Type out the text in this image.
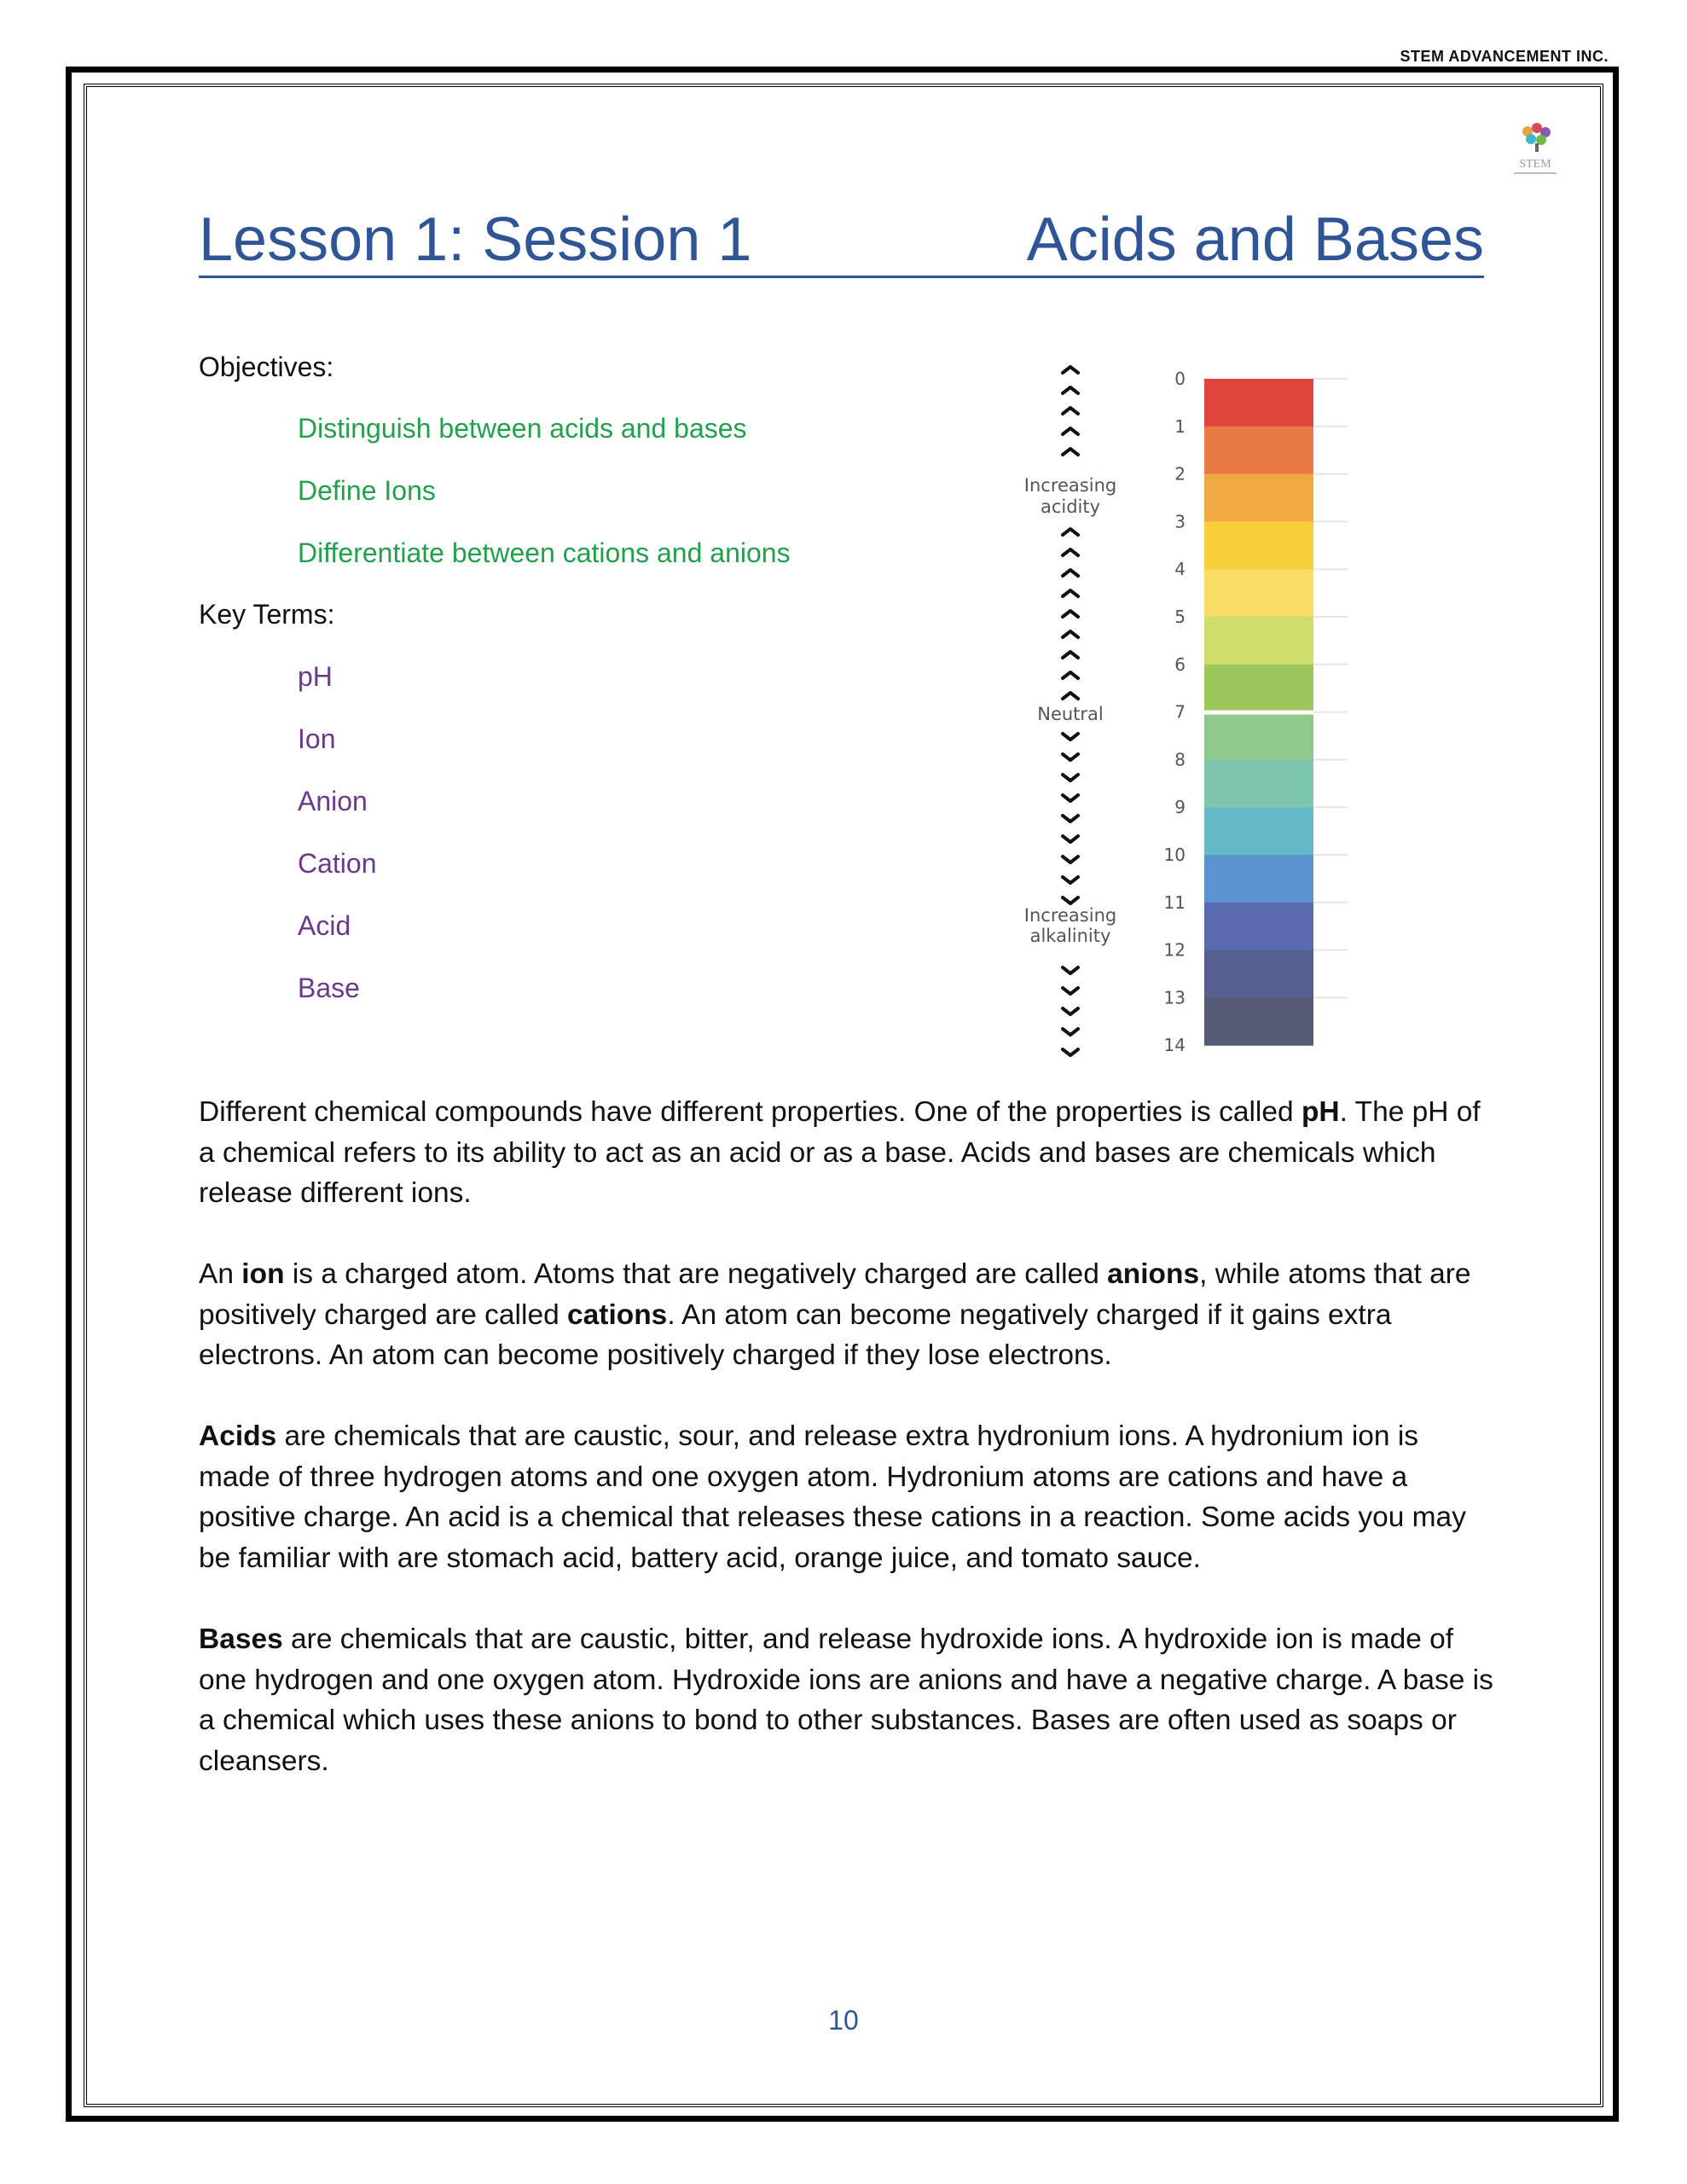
STEM ADVANCEMENT INC.
STEM
Lesson 1: Session 1	Acids and Bases
Objectives:
Distinguish between acids and bases
Define Ions
Differentiate between cations and anions
Key Terms:
pH
Ion
Anion
Cation
Acid
Base
Increasing
acidity
Neutral
Increasing
alkalinity
0
1
2
3
4
5
6
7
8
9
10
11
12
13
14

Different chemical compounds have different properties. One of the properties is called pH. The pH of a chemical refers to its ability to act as an acid or as a base. Acids and bases are chemicals which release different ions.

An ion is a charged atom. Atoms that are negatively charged are called anions, while atoms that are positively charged are called cations. An atom can become negatively charged if it gains extra electrons. An atom can become positively charged if they lose electrons.

Acids are chemicals that are caustic, sour, and release extra hydronium ions. A hydronium ion is made of three hydrogen atoms and one oxygen atom. Hydronium atoms are cations and have a positive charge. An acid is a chemical that releases these cations in a reaction. Some acids you may be familiar with are stomach acid, battery acid, orange juice, and tomato sauce.

Bases are chemicals that are caustic, bitter, and release hydroxide ions. A hydroxide ion is made of one hydrogen and one oxygen atom. Hydroxide ions are anions and have a negative charge. A base is a chemical which uses these anions to bond to other substances. Bases are often used as soaps or cleansers.

10
